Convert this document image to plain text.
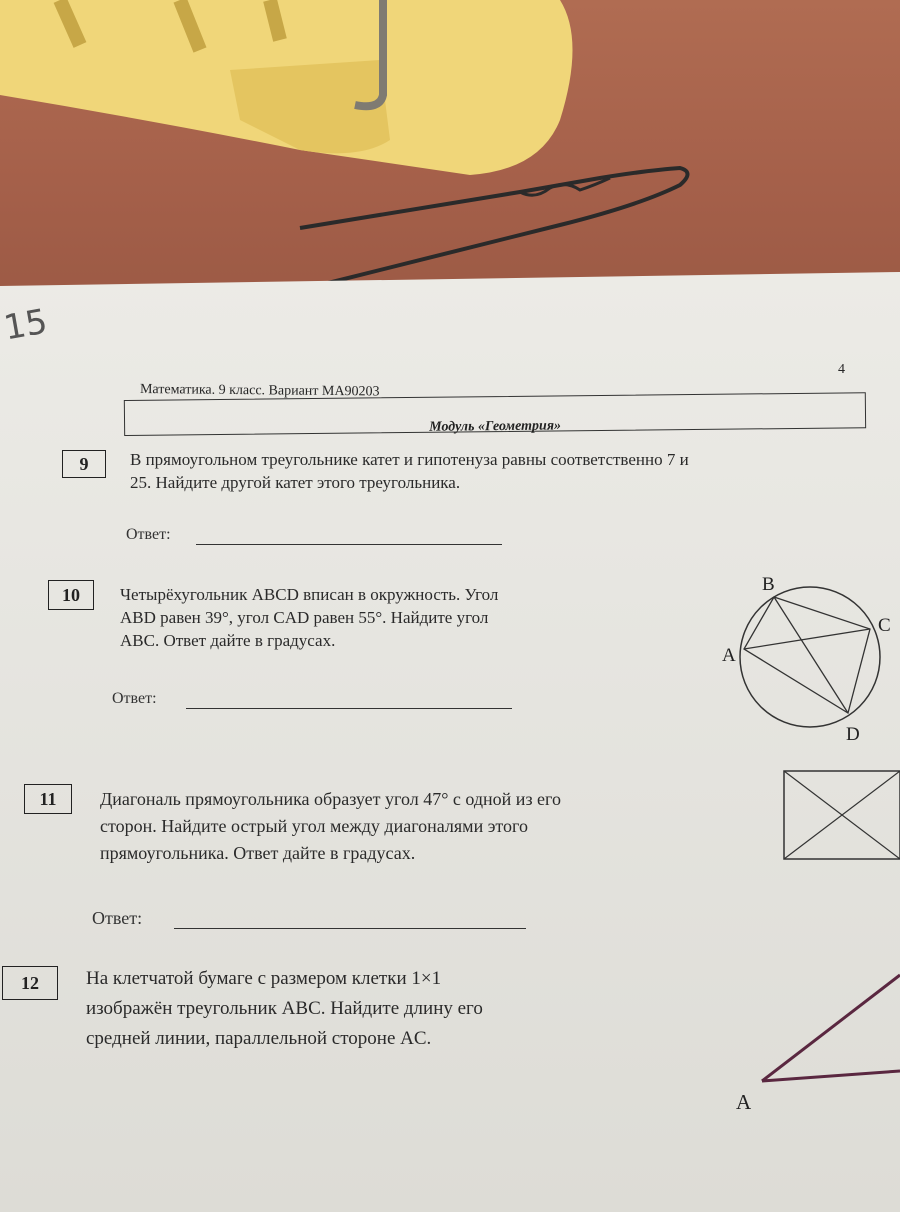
15
Математика. 9 класс. Вариант МА90203
4
Модуль «Геометрия»
9	В прямоугольном треугольнике катет и гипотенуза равны соответственно 7 и
25. Найдите другой катет этого треугольника.
Ответ:
10	Четырёхугольник ABCD вписан в окружность. Угол
ABD равен 39°, угол CAD равен 55°. Найдите угол
ABC. Ответ дайте в градусах.
Ответ:
B
C
A
D
11	Диагональ прямоугольника образует угол 47° с одной из его
сторон. Найдите острый угол между диагоналями этого
прямоугольника. Ответ дайте в градусах.
Ответ:
12	На клетчатой бумаге с размером клетки 1×1
изображён треугольник ABC. Найдите длину его
средней линии, параллельной стороне AC.
A
